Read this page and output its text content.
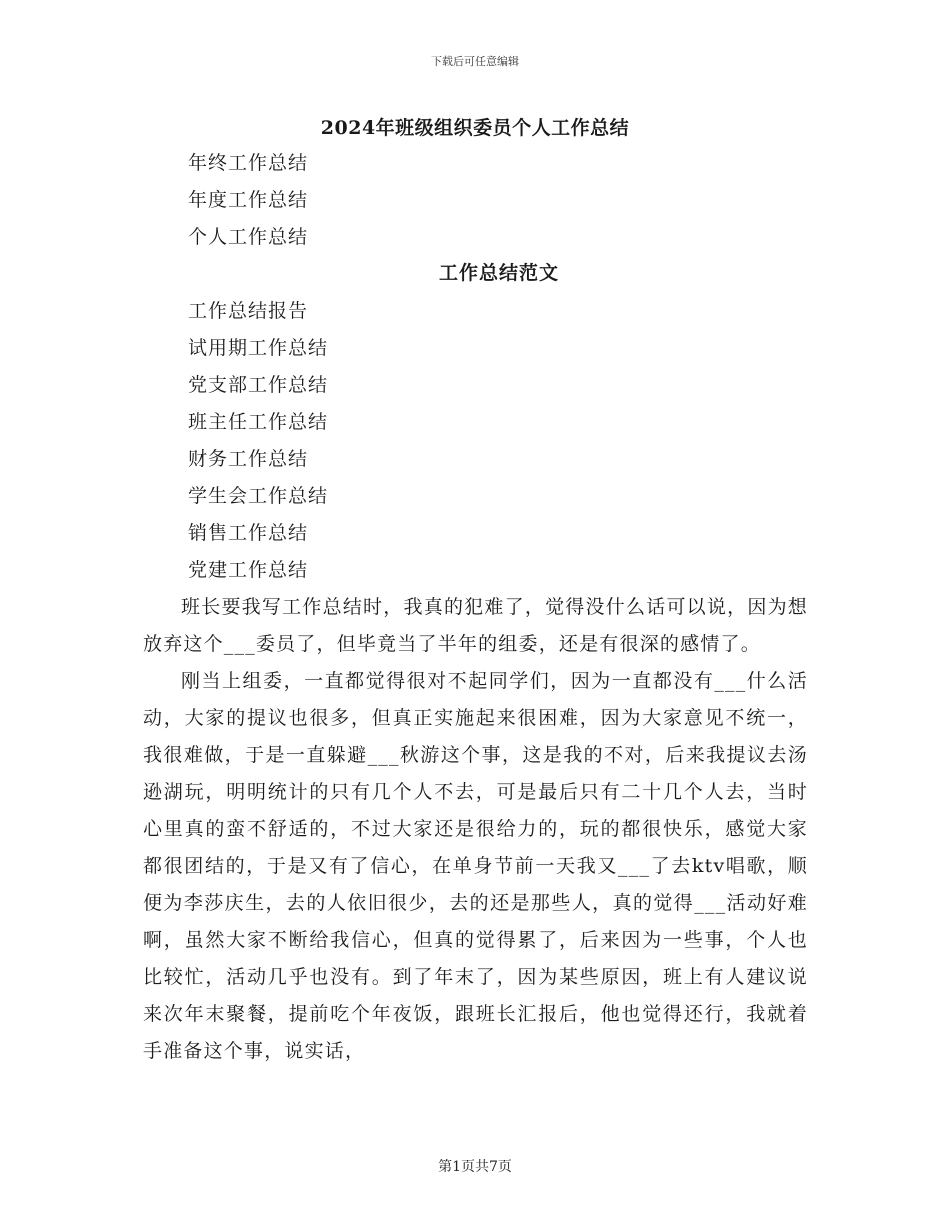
下载后可任意编辑
2024年班级组织委员个人工作总结
年终工作总结
年度工作总结
个人工作总结
工作总结范文
工作总结报告
试用期工作总结
党支部工作总结
班主任工作总结
财务工作总结
学生会工作总结
销售工作总结
党建工作总结

班长要我写工作总结时，我真的犯难了，觉得没什么话可以说，因为想放弃这个___委员了，但毕竟当了半年的组委，还是有很深的感情了。

刚当上组委，一直都觉得很对不起同学们，因为一直都没有___什么活动，大家的提议也很多，但真正实施起来很困难，因为大家意见不统一，我很难做，于是一直躲避___秋游这个事，这是我的不对，后来我提议去汤逊湖玩，明明统计的只有几个人不去，可是最后只有二十几个人去，当时心里真的蛮不舒适的，不过大家还是很给力的，玩的都很快乐，感觉大家都很团结的，于是又有了信心，在单身节前一天我又___了去ktv唱歌，顺便为李莎庆生，去的人依旧很少，去的还是那些人，真的觉得___活动好难啊，虽然大家不断给我信心，但真的觉得累了，后来因为一些事，个人也比较忙，活动几乎也没有。到了年末了，因为某些原因，班上有人建议说来次年末聚餐，提前吃个年夜饭，跟班长汇报后，他也觉得还行，我就着手准备这个事，说实话，

第1页共7页
